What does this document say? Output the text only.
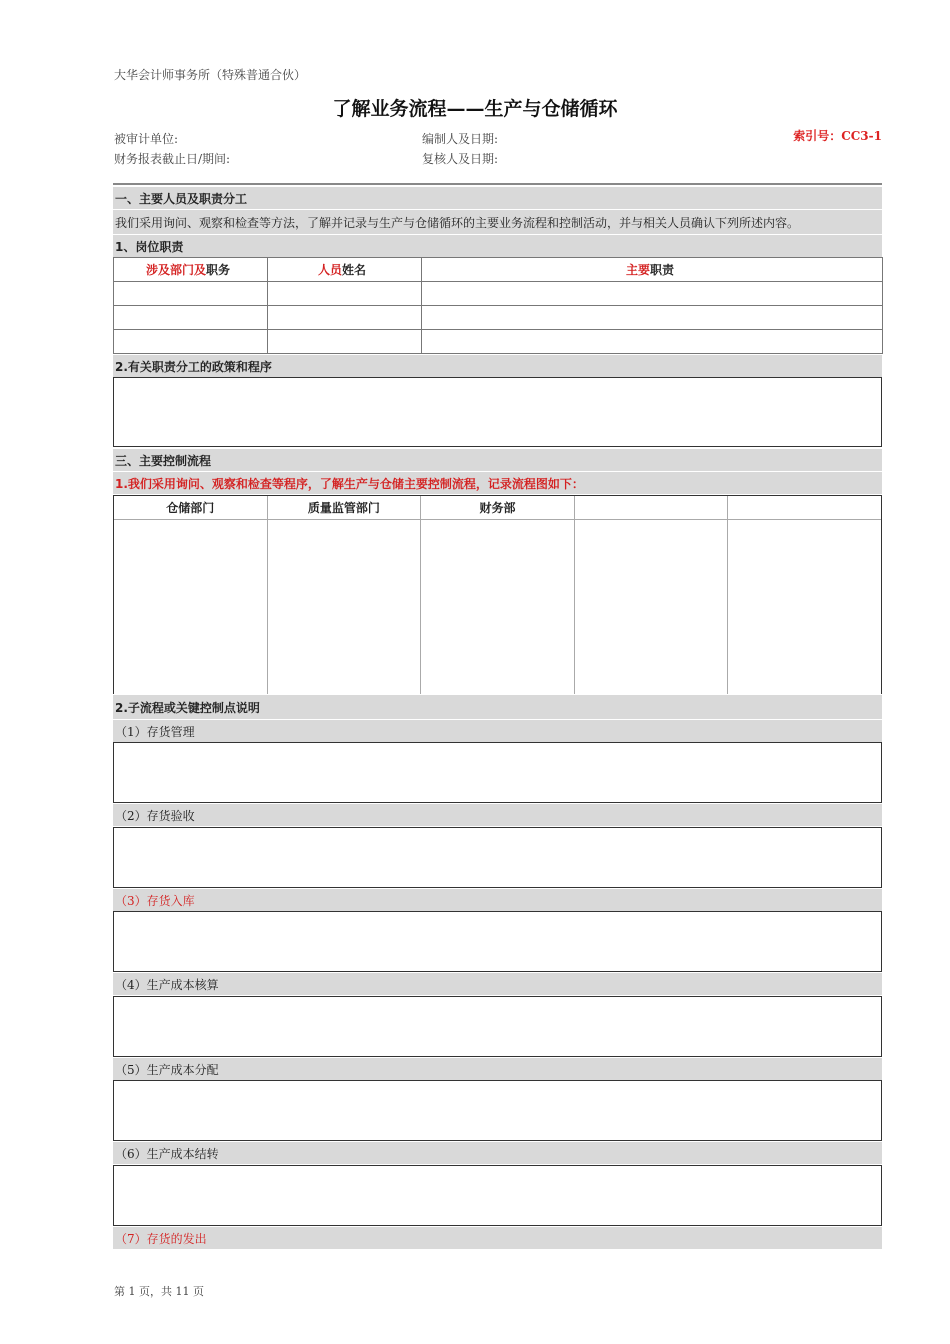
大华会计师事务所（特殊普通合伙）
了解业务流程——生产与仓储循环
被审计单位:
财务报表截止日/期间:
编制人及日期:
复核人及日期:
索引号：CC3-1
一、主要人员及职责分工
我们采用询问、观察和检查等方法，了解并记录与生产与仓储循环的主要业务流程和控制活动，并与相关人员确认下列所述内容。
1、岗位职责
涉及部门及职务	人员姓名	主要职责

2.有关职责分工的政策和程序
三、主要控制流程
1.我们采用询问、观察和检查等程序，了解生产与仓储主要控制流程，记录流程图如下：
仓储部门	质量监管部门	财务部
2.子流程或关键控制点说明
（1）存货管理
（2）存货验收
（3）存货入库
（4）生产成本核算
（5）生产成本分配
（6）生产成本结转
（7）存货的发出
第 1 页，共 11 页
